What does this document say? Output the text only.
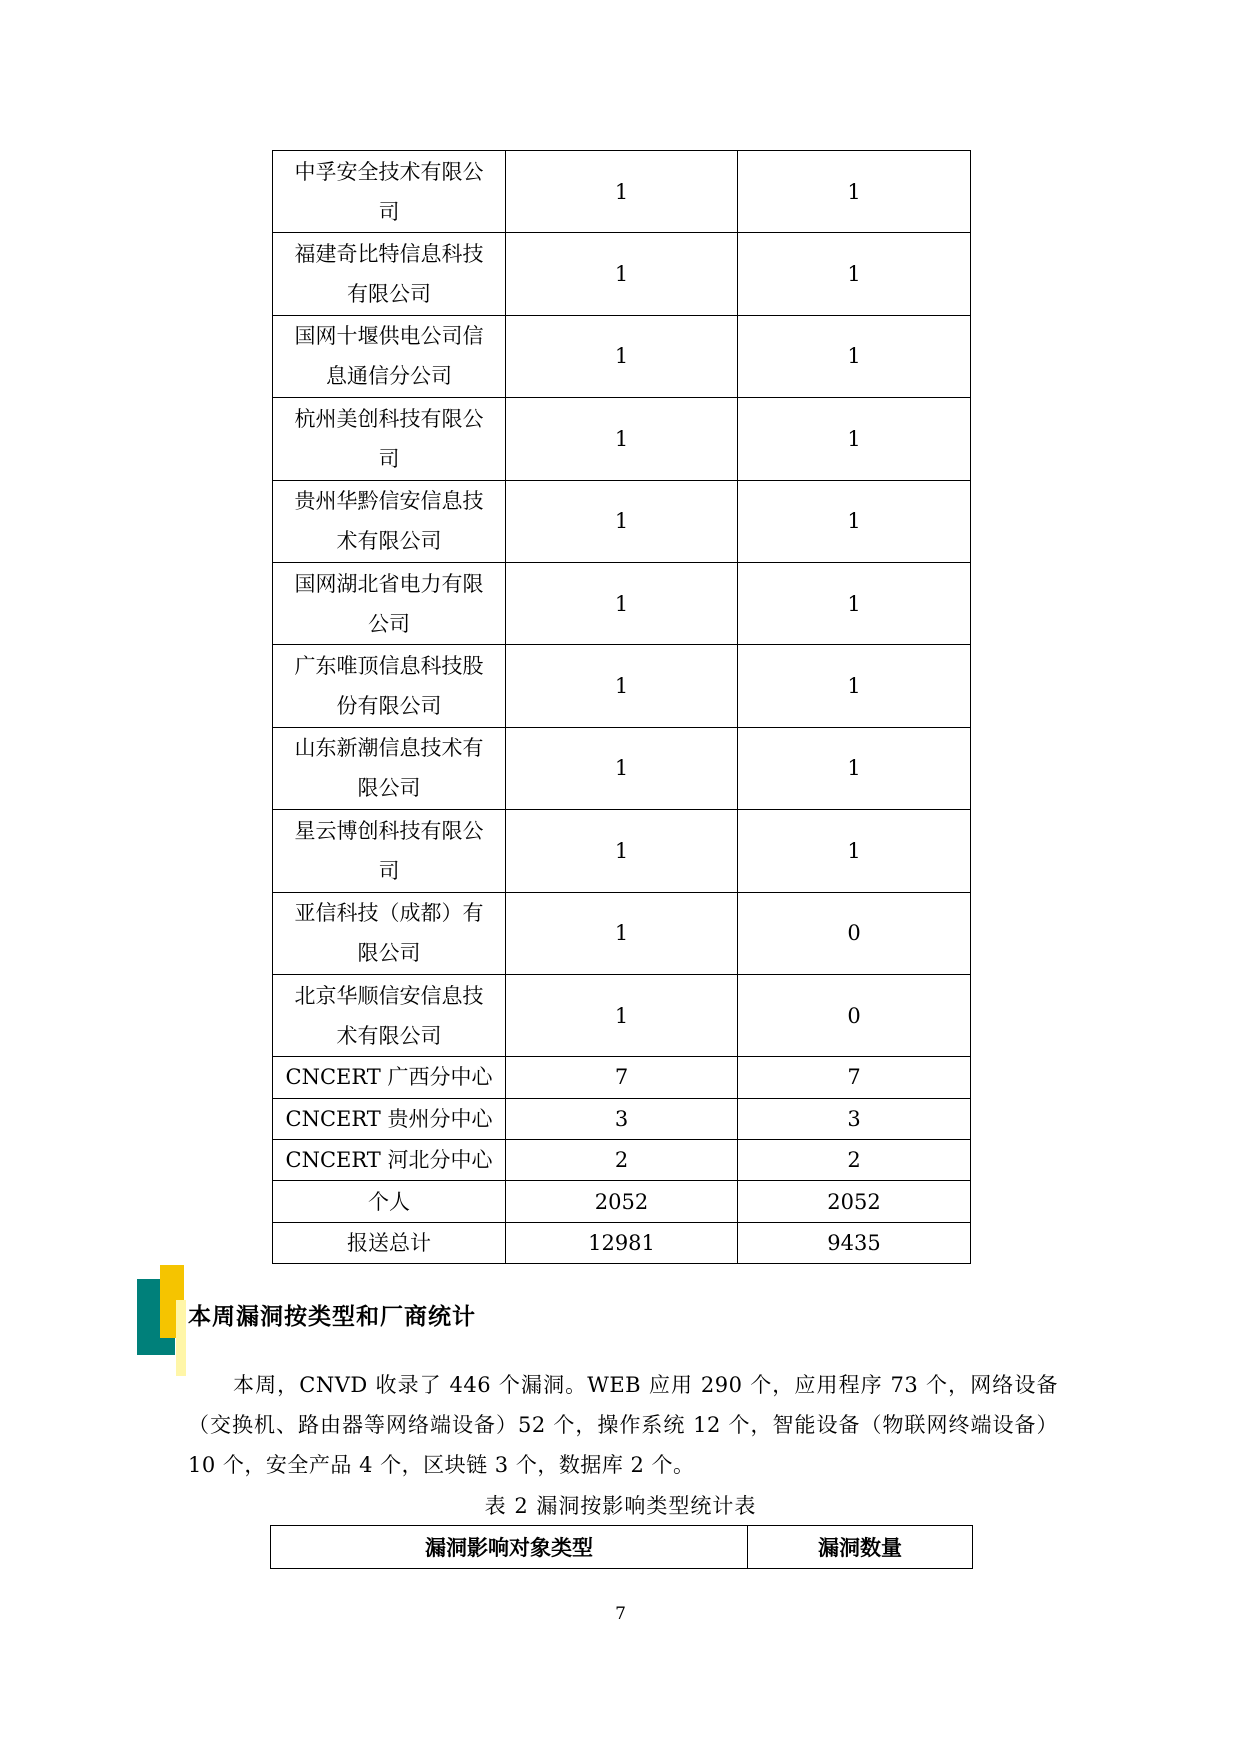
中孚安全技术有限公司	1	1
福建奇比特信息科技有限公司	1	1
国网十堰供电公司信息通信分公司	1	1
杭州美创科技有限公司	1	1
贵州华黔信安信息技术有限公司	1	1
国网湖北省电力有限公司	1	1
广东唯顶信息科技股份有限公司	1	1
山东新潮信息技术有限公司	1	1
星云博创科技有限公司	1	1
亚信科技（成都）有限公司	1	0
北京华顺信安信息技术有限公司	1	0
CNCERT 广西分中心	7	7
CNCERT 贵州分中心	3	3
CNCERT 河北分中心	2	2
个人	2052	2052
报送总计	12981	9435
本周漏洞按类型和厂商统计

本周，CNVD 收录了 446 个漏洞。WEB 应用 290 个，应用程序 73 个，网络设备（交换机、路由器等网络端设备）52 个，操作系统 12 个，智能设备（物联网终端设备）10 个，安全产品 4 个，区块链 3 个，数据库 2 个。

表 2 漏洞按影响类型统计表

漏洞影响对象类型	漏洞数量

7
